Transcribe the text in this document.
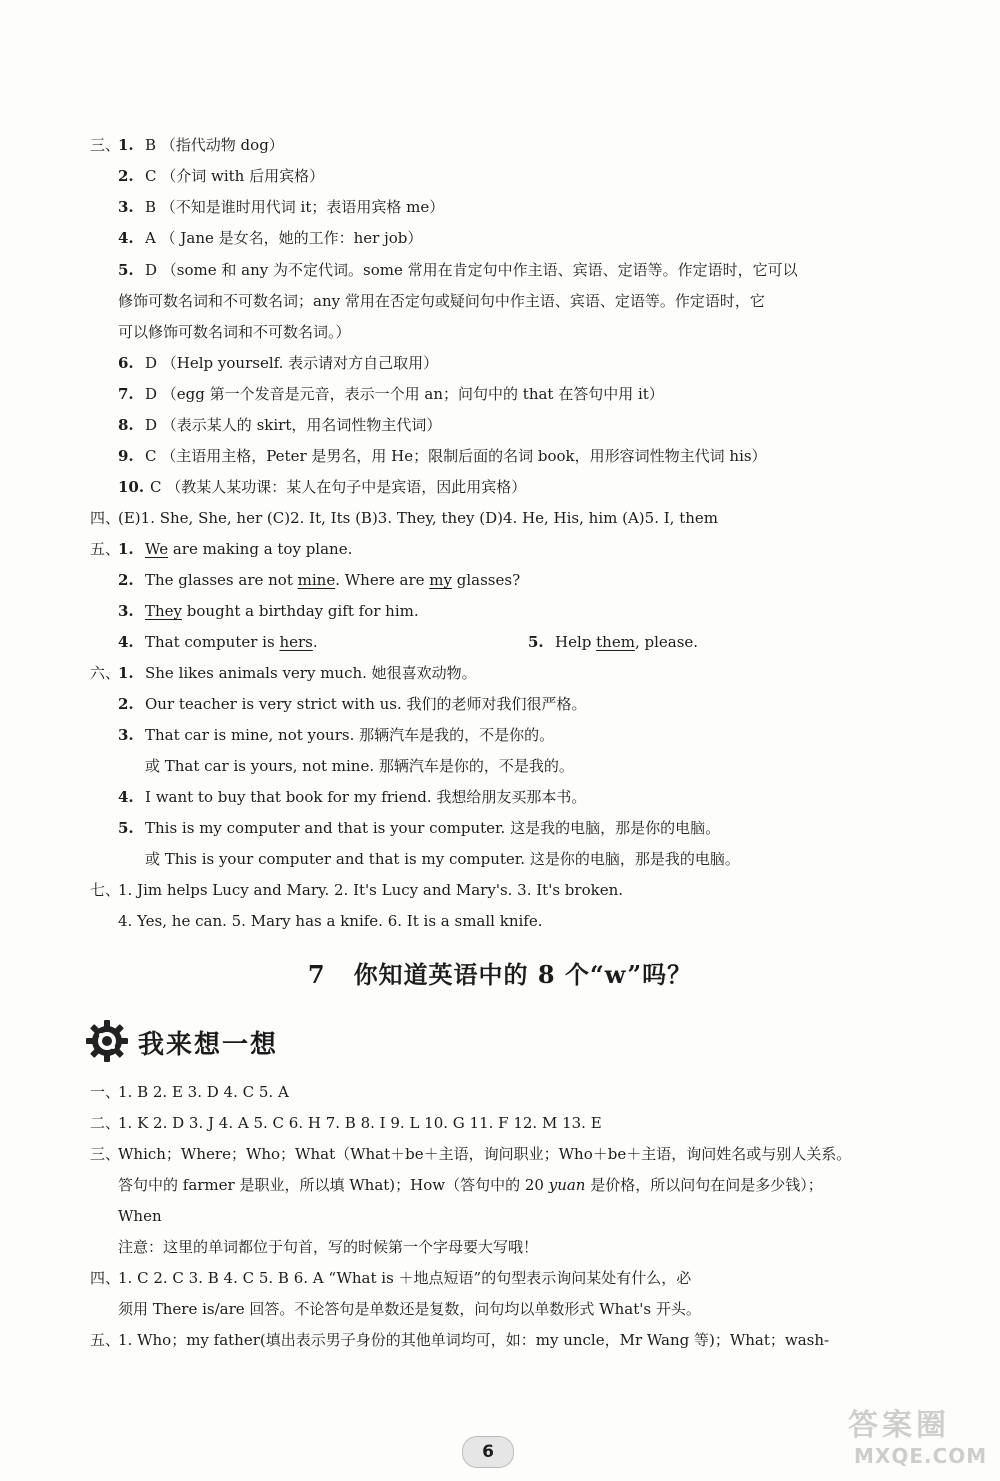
三、
1. B （指代动物 dog）
2. C （介词 with 后用宾格）
3. B （不知是谁时用代词 it；表语用宾格 me）
4. A （ Jane 是女名，她的工作：her job）
5. D （some 和 any 为不定代词。some 常用在肯定句中作主语、宾语、定语等。作定语时，它可以
修饰可数名词和不可数名词；any 常用在否定句或疑问句中作主语、宾语、定语等。作定语时，它
可以修饰可数名词和不可数名词。）
6. D （Help yourself. 表示请对方自己取用）
7. D （egg 第一个发音是元音，表示一个用 an；问句中的 that 在答句中用 it）
8. D （表示某人的 skirt，用名词性物主代词）
9. C （主语用主格，Peter 是男名，用 He；限制后面的名词 book，用形容词性物主代词 his）
10. C （教某人某功课：某人在句子中是宾语，因此用宾格）
四、
(E)1. She, She, her (C)2. It, Its (B)3. They, they (D)4. He, His, him (A)5. I, them
五、
1. We are making a toy plane.
2. The glasses are not mine. Where are my glasses?
3. They bought a birthday gift for him.
4. That computer is hers.	5. Help them, please.
六、
1. She likes animals very much. 她很喜欢动物。
2. Our teacher is very strict with us. 我们的老师对我们很严格。
3. That car is mine, not yours. 那辆汽车是我的，不是你的。
或 That car is yours, not mine. 那辆汽车是你的，不是我的。
4. I want to buy that book for my friend. 我想给朋友买那本书。
5. This is my computer and that is your computer. 这是我的电脑，那是你的电脑。
或 This is your computer and that is my computer. 这是你的电脑，那是我的电脑。
七、
1. Jim helps Lucy and Mary. 2. It's Lucy and Mary's. 3. It's broken.
4. Yes, he can. 5. Mary has a knife. 6. It is a small knife.
7 你知道英语中的 8 个“w”吗？
我来想一想
一、
1. B 2. E 3. D 4. C 5. A
二、
1. K 2. D 3. J 4. A 5. C 6. H 7. B 8. I 9. L 10. G 11. F 12. M 13. E
三、
Which；Where；Who；What（What＋be＋主语，询问职业；Who＋be＋主语，询问姓名或与别人关系。
答句中的 farmer 是职业，所以填 What)；How（答句中的 20 yuan 是价格，所以问句在问是多少钱）；
When
注意：这里的单词都位于句首，写的时候第一个字母要大写哦！
四、
1. C 2. C 3. B 4. C 5. B 6. A “What is ＋地点短语”的句型表示询问某处有什么，必
须用 There is/are 回答。不论答句是单数还是复数，问句均以单数形式 What's 开头。
五、
1. Who；my father(填出表示男子身份的其他单词均可，如：my uncle，Mr Wang 等)；What；wash-
6
答案圈
MXQE.COM
